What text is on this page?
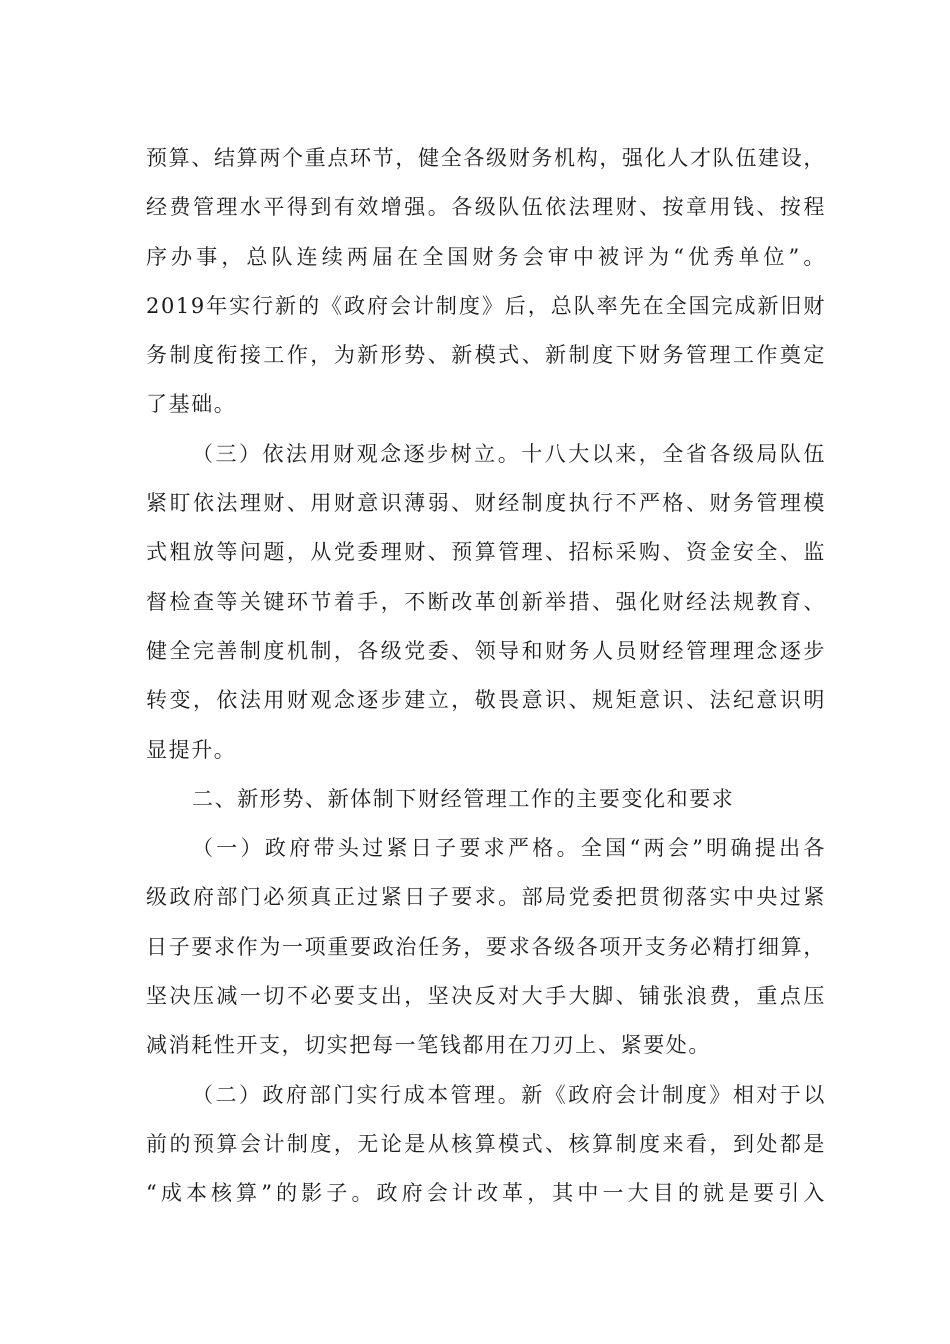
预算、结算两个重点环节，健全各级财务机构，强化人才队伍建设，
经费管理水平得到有效增强。各级队伍依法理财、按章用钱、按程
序办事，总队连续两届在全国财务会审中被评为“优秀单位”。
2019年实行新的《政府会计制度》后，总队率先在全国完成新旧财
务制度衔接工作，为新形势、新模式、新制度下财务管理工作奠定
了基础。
（三）依法用财观念逐步树立。十八大以来，全省各级局队伍
紧盯依法理财、用财意识薄弱、财经制度执行不严格、财务管理模
式粗放等问题，从党委理财、预算管理、招标采购、资金安全、监
督检查等关键环节着手，不断改革创新举措、强化财经法规教育、
健全完善制度机制，各级党委、领导和财务人员财经管理理念逐步
转变，依法用财观念逐步建立，敬畏意识、规矩意识、法纪意识明
显提升。
二、新形势、新体制下财经管理工作的主要变化和要求
（一）政府带头过紧日子要求严格。全国“两会”明确提出各
级政府部门必须真正过紧日子要求。部局党委把贯彻落实中央过紧
日子要求作为一项重要政治任务，要求各级各项开支务必精打细算，
坚决压减一切不必要支出，坚决反对大手大脚、铺张浪费，重点压
减消耗性开支，切实把每一笔钱都用在刀刃上、紧要处。
（二）政府部门实行成本管理。新《政府会计制度》相对于以
前的预算会计制度，无论是从核算模式、核算制度来看，到处都是
“成本核算”的影子。政府会计改革，其中一大目的就是要引入
